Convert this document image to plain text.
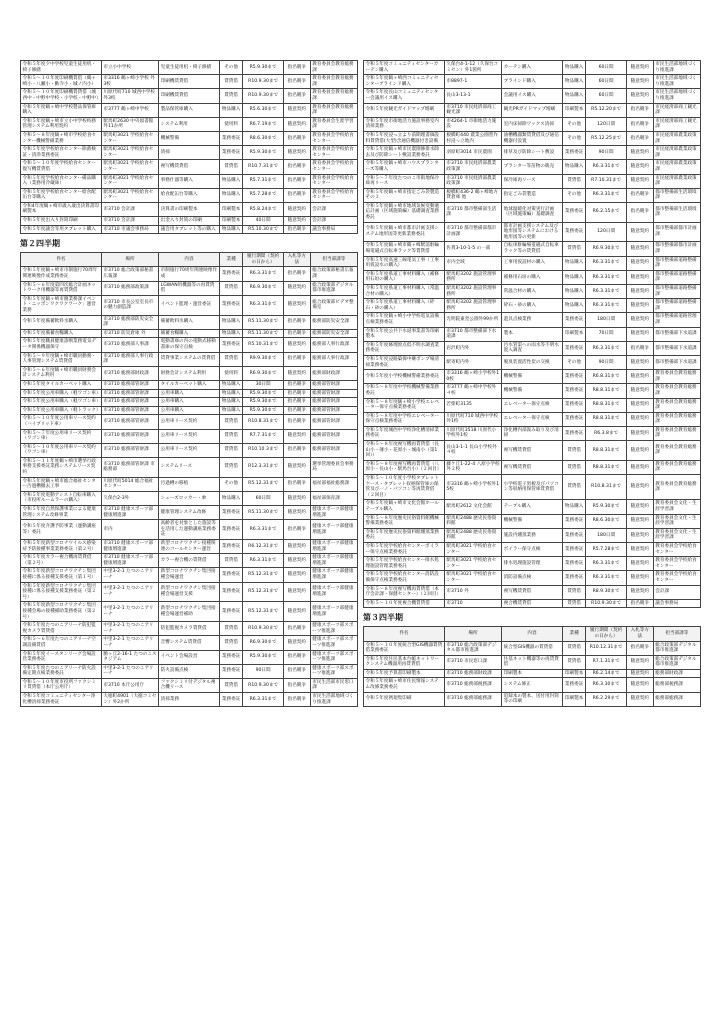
令和５年度夕中学校児童生徒用机・椅子修繕	市立小中学校	児童生徒用机・椅子修繕	その他	R5.9.30まで	指名競争	教育委員会教育総務課
令和５～１０年度印刷機賃借（鶴ヶ崎小・八瀬小・勤寺小・城ノ内小）	市3316 鶴ヶ崎小学校 外3校	印刷機賃貸借	賃貸借	R10.9.30まで	指名競争	教育委員会教育総務課
令和５～１０年度印刷機賃貸借（城西中・中野中学校・小学校・中野中）	川原代町710 城西中学校外3校	印刷機賃貸借	賃貸借	R10.9.30まで	指名競争	教育委員会教育総務課
令和５年度鶴ヶ崎中学校製品保管庫購入	市3777 鶴ヶ崎中学校	製品保管庫購入	物品購入	R5.6.30まで	随意契約	教育委員会教育総務課
令和５年度鶴ヶ崎市立小中学校校務管理システム利用契約	駅馬町2630 中央図書館 外11か所	システム利用	使用料	R6.7.19まで	随意契約	教育委員会生涯学習課
令和５～８年度鶴ヶ崎市学校給食センター機械警備業務	駅馬町3021 学校給食センター	機械警備	業務委託	R8.6.30まで	指名競争	教育委員会学校給食センター
令和５年度学校給食センター除菌検証・清浄業務委託	駅馬町3021 学校給食センター	清掃	業務委託	R5.9.30まで	随意契約	教育委員会学校給食センター
令和５～１０年度学校給食センター復写機賃貸借	駅馬町3021 学校給食センター	複写機賃貸借	賃貸借	R10.7.31まで	指名競争	教育委員会学校給食センター
令和５年度学校給食センター備品購入（業務用冷蔵庫）	駅馬町3021 学校給食センター	事務什器等購入	物品購入	R5.7.31まで	指名競争	教育委員会学校給食センター
令和５年度学校給食センター給食配缶台等購入	駅馬町3021 学校給食センター	給食配缶台等購入	物品購入	R5.7.28まで	指名競争	教育委員会学校給食センター
令和4年度鶴ヶ崎市歳入歳出決算書印刷製本	市3710 会計課	決算書の印刷製本	印刷製本	R5.8.24まで	随意契約	会計課
令和５年度出入り封筒印刷	市3710 会計課	出金入り封筒の印刷	印刷製本	40日間	随意契約	会計課
令和５年度議会等用タブレット購入	市3710 市議会事務局	議会用タブレット等の購入	物品購入	R5.10.30まで	指名競争	議会事務局
第２四半期
件名	場所	内容	業種	履行期間（契約の日から）	入札等方法	担当部課等
令和５年度鶴ヶ崎市市制施行70周年関連映像作成業務委託	市3710 総合政策部秘書広報課	市制施行70周年関連映像作成	業務委託	R6.3.31まで	指名競争	総合政策部秘書広報課
令和５～６年度第四次総合計画ネットワーク用機器等再賃貸借	市3710 総務部政策課	LGWAN用機器等の再賃貸借	賃貸借	R6.9.30まで	随意契約	総合政策部デジタル都市推進課
令和５年度鶴ヶ崎市圏業務課イベント・ニッポンワクワクワーク」運営業務	市3710 市長公室室長市の魅力創造課	イベント監理・運営委託	業務委託	R6.3.31まで	随意契約	総合政策部ビデオ整備室
令和５年度備蓄飲料水購入	市3710 総務部防災安全課	備蓄飲料水購入	物品購入	R5.11.30まで	指名競争	総務部防災安全課
令和５年度備蓄食糧購入	市3710 防災倉庫 外	備蓄食糧購入	物品購入	R5.11.30まで	指名競争	総務部防災安全課
令和５年度職員健康診断業務電気データ関係機器保守	市3710 総務部人事課	電動書庫の内の電動式移動書庫の保守点検	業務委託	R5.10.31まで	随意契約	総務部人事行政課
令和５～９年度鶴ヶ崎市職員勤務・人事管理システム賃貸借	市3710 総務部人事行政課	賃貸事業システムの賃貸借	賃貸借	R9.9.30まで	指名競争	総務部人事行政課
令和５～６年度鶴ヶ崎市職員財務会計システム利用	市3710 総務部財政課	財務会計システム利用	使用料	R6.9.30まで	随意契約	総務部財政課
令和５年度タイルカーペット購入	市3710 総務部管財課	タイルカーペット購入	物品購入	30日間	指名競争	総務部管財課
令和５年度公用車購入（軽ワゴン車）	市3710 総務部管財課	公用車購入	物品購入	R5.9.30まで	指名競争	総務部管財課
令和５年度公用車購入（軽ワゴン車）	市3710 総務部管財課	公用車購入	物品購入	R5.9.30まで	指名競争	総務部管財課
令和５年度公用車購入（軽トラック）	市3710 総務部管財課	公用車購入	物品購入	R5.9.30まで	指名競争	総務部管財課
令和５～１０年度公用車リース契約（ハイブリッド車）	市3710 総務部管財課	公用車リース契約	賃貸借	R10.8.31まで	指名競争	総務部管財課
令和５～７年度公用車リース契約（ワゴン車）	市3710 総務部管財課	公用車リース契約	賃貸借	R7.7.31まで	随意契約	総務部管財課
令和５～１０年度公用車リース契約（ワゴン車）	市3710 総務部管財課	公用車リース契約	賃貸借	R10.10.3まで	指名競争	総務部管財課
令和５～１１年度鶴ヶ崎市選挙行政事務支援委託業務システムリース契約	市3710 総務部管財課 市総務部	システムリース	賃貸借	R12.3.31まで	随意契約	選挙管理委員会事務局
令和５年度鶴ヶ崎市総合福祉センター汚過槽撤去工事	川原代町5014 総合福祉センター	汚過槽の移植	その他	R5.12.31まで	指名競争	福祉部福祉総務課
令和５年度電動アシスト自転車購入（市役所ルームラーの購入）	久保台2-3外	シューズロッカー・傘	物品購入	60日間	随意契約	福祉部保育課
令和５年度自然保護事業による健康管理システム改修事業	市3710 健康スポーツ部健康増進課	健康管理システム改修	業務委託	R5.11.30まで	随意契約	健康スポーツ部健康増進課
令和５年度介護予防事業（運動講座等）委託	市内	高齢者を対象とした施設等を活用した運動講座業務委託	業務委託	R6.3.31まで	指名競争	健康スポーツ部健康増進課
令和５年度新型コロナウイルス感染症予防接種事業業務委託（第２号）	市3710 健康スポーツ部健康増進課	新型コロナワクチン接種関連のコールセンター運営	業務委託	R6.12.31まで	随意契約	健康スポーツ部健康増進課
令和５年度カラー複合機再賃貸借（第２号）	市3710 健康スポーツ部健康増進課	カラー複合機の賃貸借	賃貸借	R6.3.31まで	随意契約	健康スポーツ部健康増進課
令和５年度新型コロナワクチン集団接種に係る接種支援委託（第１号）	中里3-2-1 たつのこアリーナ	新型コロナワクチン集団接種会場運営	業務委託	R5.12.31まで	随意契約	健康スポーツ部健康増進課
令和５年度新型コロナワクチン集団接種に係る接種支援業務委託（第２号）	中里3-2-1 たつのこアリーナ	新型コロナワクチン集団接種会場運営支援	業務委託	R5.12.31まで	随意契約	健康スポーツ部健康増進課
令和５年度新型コロナワクチン集団接種会場の接種補助業務委託（第２号）	中里3-2-1 たつのこアリーナ	新型コロナワクチン集団接種会場運営補助	業務委託	R5.12.31まで	随意契約	健康スポーツ部健康増進課
令和５年度たつのこアリーナ防犯監視カメラ賃貸借	中里3-2-1 たつのこアリーナ	防犯監視カメラ賃貸借	賃貸借	R10.9.30まで	指名競争	健康スポーツ部スポーツ推進課
令和５～６年度たつのこアリーナ空調設備賃借	中里3-2-1 たつのこアリーナ	音響システム賃貸借	賃貸借	R6.9.30まで	随意契約	健康スポーツ部スポーツ推進課
令和５年度イースタンリーグ会場設営業務委託	駒ヶ丘2-16-1 たつのこスタジアム	イベント会場設営	業務委託	R5.9.30まで	指名競争	健康スポーツ部スポーツ推進課
令和５年度たつのこアリーナ防火設備定期点検業務委託	中里3-2-1 たつのこアリーナ	防火設備点検	業務委託	90日間	指名競争	健康スポーツ部スポーツ推進課
令和５～１０年度市役所ファクシミリ賃貸借（本庁公用庁）	市3710 本庁公用庁	ファクシミリ付デジタル複合機リース	賃貸借	R10.9.30まで	指名競争	市民生活部市民窓口課
令和５年度コミュニティセンター浄化槽清掃業務委託	大徳町4901（大徳コミセン）外2か所	清掃業務	業務委託	R6.3.31まで	指名競争	市民生活部地域づくり推進課
令和５年度コミュニティセンターカーテン購入	久保台4-1-12（久保台コミセン）外1箇所	カーテン購入	物品購入	60日間	随意契約	市民生活部地域づくり推進課
令和５年度鶴ヶ崎西コミュニティセンターブラインド購入	市8897-1	ブラインド購入	物品購入	60日間	随意契約	市民生活部地域づくり推進課
令和５年度長山コミュニティセンター会議用イス購入	長山3-13-1	会議用イス購入	物品購入	60日間	随意契約	市民生活部地域づくり推進課
令和５年度観光ガイドマップ増刷	市3710 市民経済部商工観光課	観光PRガイドマップ増刷	印刷製本	R5.12.20まで	指名競争	市民経済部商工観光課
令和５年度市街地活力施設事務室内清掃業務	市4264-1 市街地活力施設	室内床掃除ワックス清掃	その他	120日間	指名競争	市民経済部商工観光課
令和５年度浸っ立より前期理書価設料賃貸借(大型)含通信機器付き設備	板橋町440 農業公園豊作村浸っ立地内	油槽機器類賃貸借及び通信機器付設置	その他	R5.12.25まで	指名競争	市民経済部農業政策課
令和５年度鶴ヶ崎市民農園修排水除去及び防除シート敷設業務委託	羽原町3014 市民農園	排草及び防除シート敷設	業務委託	90日間	随意契約	市民経済部農業政策課
令和５年度鶴ヶ崎市ハウスプランターズ等購入	市3710 市民経済部農業政策課	プランター等苗物の販売	物品購入	R6.3.31まで	随意契約	市民経済部農業政策課
令和５～７年度たつのこ市街地保冷庫再リース	市3710 市民経済部農業政策課	保冷庫再リース	賃貸借	R7.10.31まで	随意契約	市民経済部農業政策課
令和５年度鶴ヶ崎市指定ごみ袋製造その３	板橋町436-2 鶴ヶ崎地方貸倉庫 他	指定ごみ袋製造	その他	R6.3.31まで	指名競争	都市整備部生活環境課
令和５年度鶴ヶ崎市地域気候変動適応計画（区域施策編）基礎調査業務委託	市3710 都市整備部生活課	地球温暖化対策実行計画（区域施策編）基礎調査	業務委託	R6.2.15まで	指名競争	都市整備部生活環境課
令和５年度鶴ヶ崎市都市計画支援システム地形図等更新業務委託	市3710 都市整備部都市計画課	都市計画支援システム及び地形図等システムにおける地形図等の更新	業務委託	120日間	随意契約	都市整備部都市計画課
令和５年度鶴ヶ崎市鶴ヶ崎駅前駐輪場電磁式自転車ラック等賃貸借	佐貫3-10-1-5 の一部	自転車駐輪場電磁式自転車ラック等の賃貸借	賃貸借	R6.9.30まで	随意契約	都市整備部都市計画課
令和５年度高速三線電気工事（工事用仮設水の購入）	市内全域	工事用仮設材の購入	物品購入	R6.3.31まで	随意契約	都市整備部道路整備課
令和５年度県道工事材料購入（補修用石垣の購入）	駅馬町3202 施設管理事務所	補修用石垣の購入	物品購入	R6.3.31まで	随意契約	都市整備部道路整備課
令和５年度県道工事材料購入（常温合材の購入）	駅馬町3202 施設管理事務所	常温合材の購入	物品購入	R6.3.31まで	随意契約	都市整備部道路整備課
令和５年度県道工事材料購入（砕石・砂の購入）	駅馬町3202 施設管理事務所	砕石・砂の購入	物品購入	R6.3.31まで	随意契約	都市整備部道路整備課
令和５年度鶴ヶ崎小中学校電気設備点検業務委託	光明院東堂公園外99か所	遊具点検業務	業務委託	180日間	随意契約	都市整備部道路管理課
令和５年度公共下水道事業書等印刷製本	市3710 都市整備部下水道課	製本	印刷製本	70日間	随意契約	都市整備部下水道課
令和５年度修理原点低不明水調査業務委託	岩沢町内外	汚水管渠への雨水等不明水混入調査	業務委託	R6.3.31まで	指名競争	都市整備部下水道課
令和５年度浸路築保中継ポンプ場清掃業務委託	駅寄町内外	脱臭装置活性炭の交換	その他	90日間	随意契約	都市整備部下水道課
令和５年度小学校機械警備業務委託	市3316 鶴ヶ崎小学校外10校	機械警備	業務委託	R6.8.31まで	随意契約	教育委員会教育総務課
令和５～８年度中学校機械警備業務委託	市3777 鶴ヶ崎中学校外４校	機械警備	業務委託	R8.8.31まで	随意契約	教育委員会教育総務課
令和５～８年度鶴ヶ崎小学校エレベーター保守点検業務委託	若柴町3135	エレベーター保守点検	業務委託	R8.8.31まで	随意契約	教育委員会教育総務課
令和５～８年度中学校エレベーター保守点検業務委託	川原代町710 城西中学校外1校	エレベーター保守点検	業務委託	R8.8.31まで	随意契約	教育委員会教育総務課
令和５年度城西中学校浄化槽清掃業務委託	川原代町3518 川原代小学校外1校	浄化槽内部汲み取り及び清掃	業務委託	R6.3.8まで	随意契約	教育委員会教育総務課
令和５～８年度複写機再賃貸借（長山小・薄小・花原小・城南小（第1回））	長山3-1-1 長山小学校外４校	複写機賃貸借	賃貸借	R8.8.31まで	随意契約	教育委員会教育総務課
令和５～８年度複写機再賃貸借（八原小・長山小・駅馬台小）（２回目）	藤ケ丘1-22-4 八原小学校外２校	複写機賃貸借	賃貸借	R8.8.31まで	随意契約	教育委員会教育総務課
令和５～１０年度小学校タブレットケース・タブレット収納保管庫の保管及び一ノ・パソコン等再賃貸借（２回目）	市3316 鶴ヶ崎小学校外15校	小学校電子黒板及びパソコン等収納用保管庫賃貸借	賃貸借	R10.8.31まで	随意契約	教育委員会教育総務課
令和５年度鶴ヶ崎市文化会館ホールテーブル購入	駅馬町2612 文化会館	テーブル購入	物品購入	R5.9.30まで	随意契約	教育委員会文化・生涯学習課
令和５～８年度歴史民俗資料館機械警備業務委託	駅馬町2488 歴史民俗資料館	機械警備	業務委託	R8.6.30まで	随意契約	教育委員会文化・生涯学習課
令和５年度歴史民俗資料館燻蒸業務委託	駅馬町2488 歴史民俗資料館	施設内燻蒸業務	業務委託	180日間	随意契約	教育委員会文化・生涯学習課
令和５年度学校給食センターボイラー保守点検業務委託	駅馬町3021 学校給食センター	ボイラー保守点検	業務委託	R5.7.28まで	随意契約	教育委員会学校給食センター
令和５年度学校給食センター排水処理施設管理業務委託	駅馬町3021 学校給食センター	排水処理施設管理	業務委託	R6.3.31まで	随意契約	教育委員会学校給食センター
令和５年度学校給食センター消防設備保守点検業務委託	駅馬町3021 学校給食センター	消防設備点検	業務委託	R6.3.31まで	随意契約	教育委員会学校給食センター
令和５～８年度複写機再賃貸借（本庁会計課・保健センター）（２回目）	市3710 外	複写機賃貸借	賃貸借	R8.9.30まで	随意契約	会計課
令和５～１０年度複合機賃貸借	市3710	複合機賃貸借	賃貸借	R10.9.30まで	指名競争	議会事務局
第３四半期
件名	場所	内容	業種	履行期間（契約の日から）	入札等方法	担当部課等
令和５～１０年度統合型GIS機器賃貸借業務委託	市3710 総合政策部デジタル都市推進課	統合型GIS機器の賃貸借	賃貸借	R10.12.31まで	指名競争	総合政策部デジタル都市推進課
令和５年度住民基本台帳ネットワークシステム機器用再賃貸借	市3710 市民窓口課	住基ネット機器等の再賃貸借	賃貸借	R7.1.31まで	随意契約	総合政策部デジタル都市推進課
令和５年度予算書印刷製本	市3710 総務部財政課	印刷製本	印刷製本	R6.2.14まで	随意契約	総務部財政課
令和５年度鶴ヶ崎市住民情報システム改修業務委託	市3710 総務部税務課	システム修正	業務委託	R6.3.30まで	随意契約	総務部税務課
令和５年度例規集印刷	市3710 総務部総務課	追録本の製本、送付用封筒等の印刷	印刷製本	R6.2.29まで	随意契約	総務部総務課
